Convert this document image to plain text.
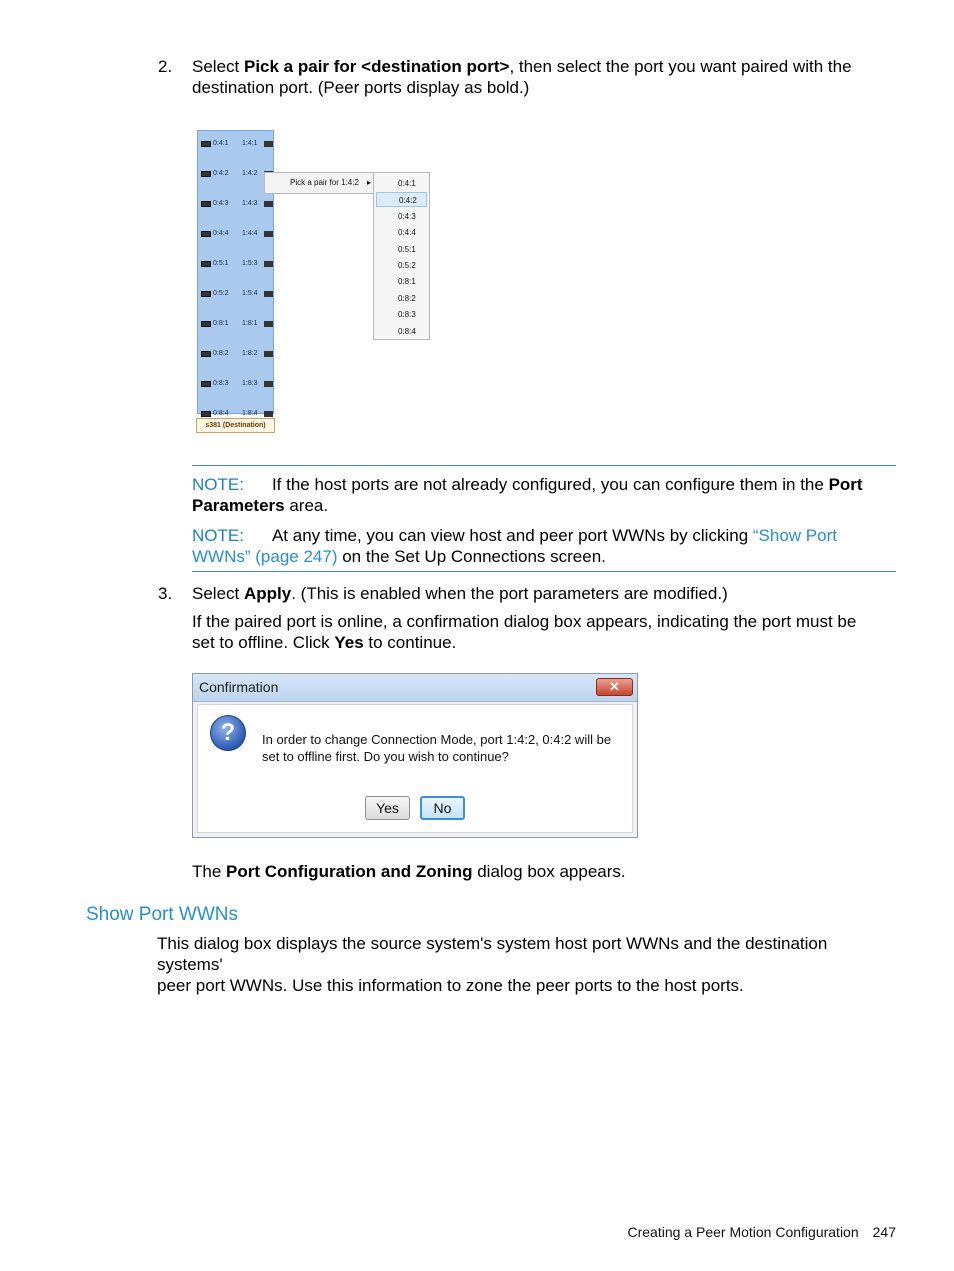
2. Select Pick a pair for <destination port>, then select the port you want paired with the
destination port. (Peer ports display as bold.)
0:4:1 1:4:1
0:4:2 1:4:2
0:4:3 1:4:3
0:4:4 1:4:4
0:5:1 1:5:3
0:5:2 1:5:4
0:8:1 1:8:1
0:8:2 1:8:2
0:8:3 1:8:3
0:8:4 1:8:4
s381 (Destination)
Pick a pair for 1:4:2 ▸	0:4:1
0:4:2
0:4:3
0:4:4
0:5:1
0:5:2
0:8:1
0:8:2
0:8:3
0:8:4
NOTE: If the host ports are not already configured, you can configure them in the Port
Parameters area.
NOTE: At any time, you can view host and peer port WWNs by clicking “Show Port
WWNs” (page 247) on the Set Up Connections screen.
3. Select Apply. (This is enabled when the port parameters are modified.)
If the paired port is online, a confirmation dialog box appears, indicating the port must be
set to offline. Click Yes to continue.
Confirmation	✕
?	In order to change Connection Mode, port 1:4:2, 0:4:2 will be
set to offline first. Do you wish to continue?
Yes	No
The Port Configuration and Zoning dialog box appears.
Show Port WWNs
This dialog box displays the source system's system host port WWNs and the destination systems'
peer port WWNs. Use this information to zone the peer ports to the host ports.
Creating a Peer Motion Configuration 247
